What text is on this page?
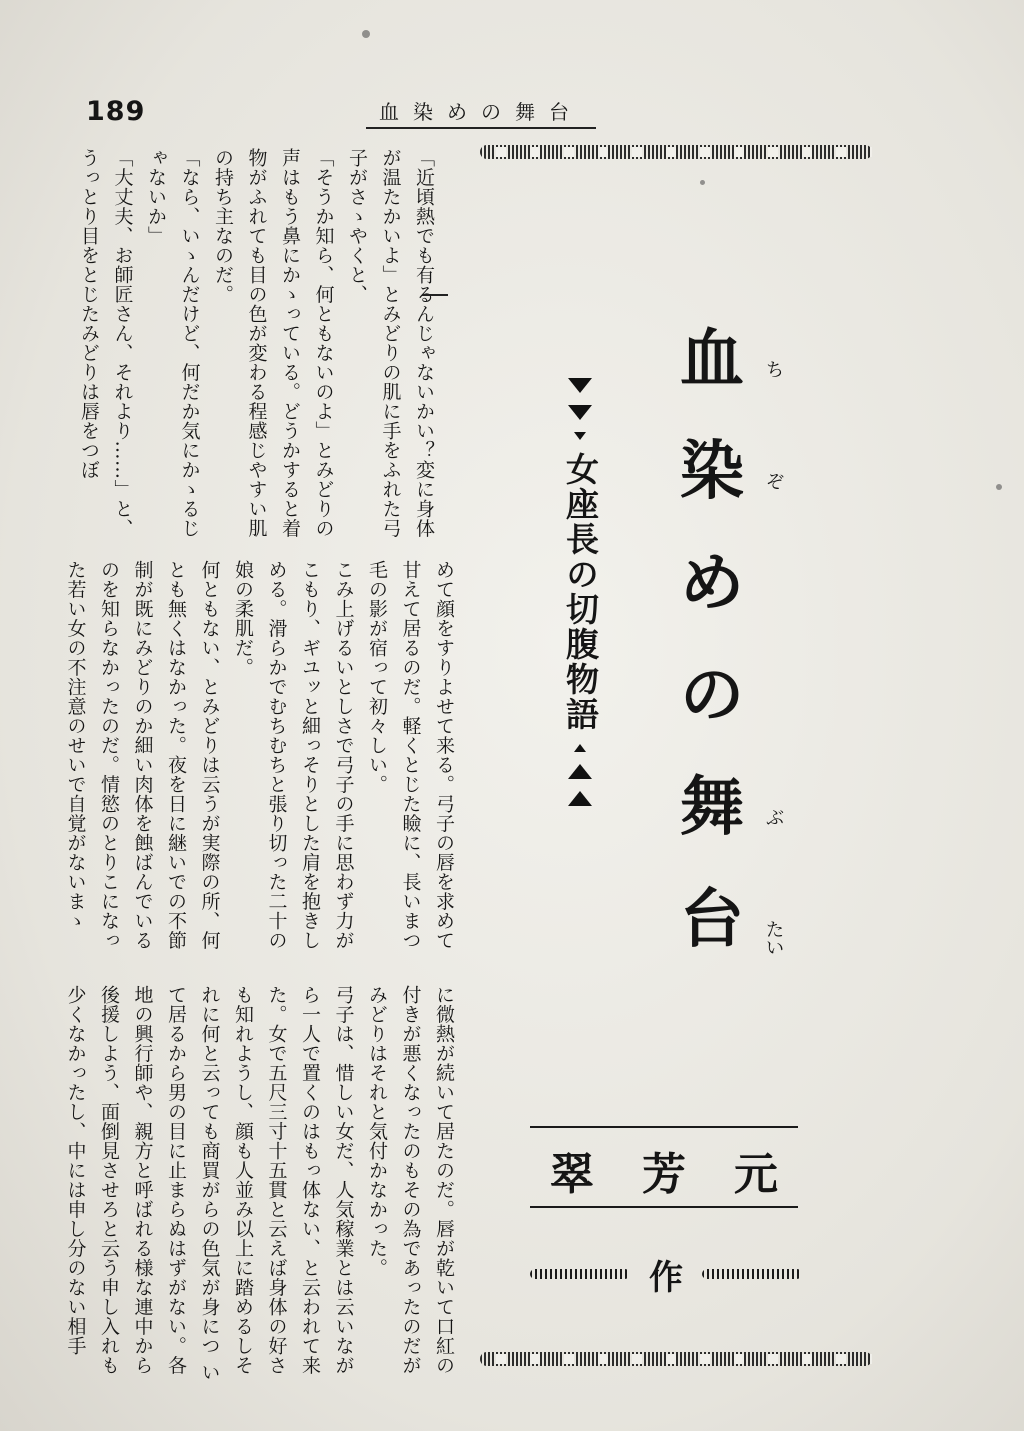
189	血染めの舞台

「近頃熱でも有るんじゃないかい？変に身体が温たかいよ」とみどりの肌に手をふれた弓子がさゝやくと、

「そうか知ら、何ともないのよ」とみどりの声はもう鼻にかゝっている。どうかすると着物がふれても目の色が変わる程感じやすい肌の持ち主なのだ。

「なら、いゝんだけど、何だか気にかゝるじゃないか」

「大丈夫、お師匠さん、それより……」と、うっとり目をとじたみどりは唇をつぼ

めて顔をすりよせて来る。弓子の唇を求めて甘えて居るのだ。軽くとじた瞼に、長いまつ毛の影が宿って初々しい。

こみ上げるいとしさで弓子の手に思わず力がこもり、ギユッと細っそりとした肩を抱きしめる。滑らかでむちむちと張り切った二十の娘の柔肌だ。

何ともない、とみどりは云うが実際の所、何とも無くはなかった。夜を日に継いでの不節制が既にみどりのか細い肉体を蝕ばんでいるのを知らなかったのだ。情慾のとりこになった若い女の不注意のせいで自覚がないまゝ

に微熱が続いて居たのだ。唇が乾いて口紅の付きが悪くなったのもその為であったのだがみどりはそれと気付かなかった。

弓子は、惜しい女だ、人気稼業とは云いながら一人で置くのはもっ体ない、と云われて来た。女で五尺三寸十五貫と云えば身体の好さも知れようし、顔も人並み以上に踏めるしそれに何と云っても商買がらの色気が身につ いて居るから男の目に止まらぬはずがない。各地の興行師や、親方と呼ばれる様な連中から後援しよう、面倒見させろと云う申し入れも少くなかったし、中には申し分のない相手

血 ち
染 ぞ
め
の
舞 ぶ
台 たい
女座長の切腹物語
翠 芳 元
作
